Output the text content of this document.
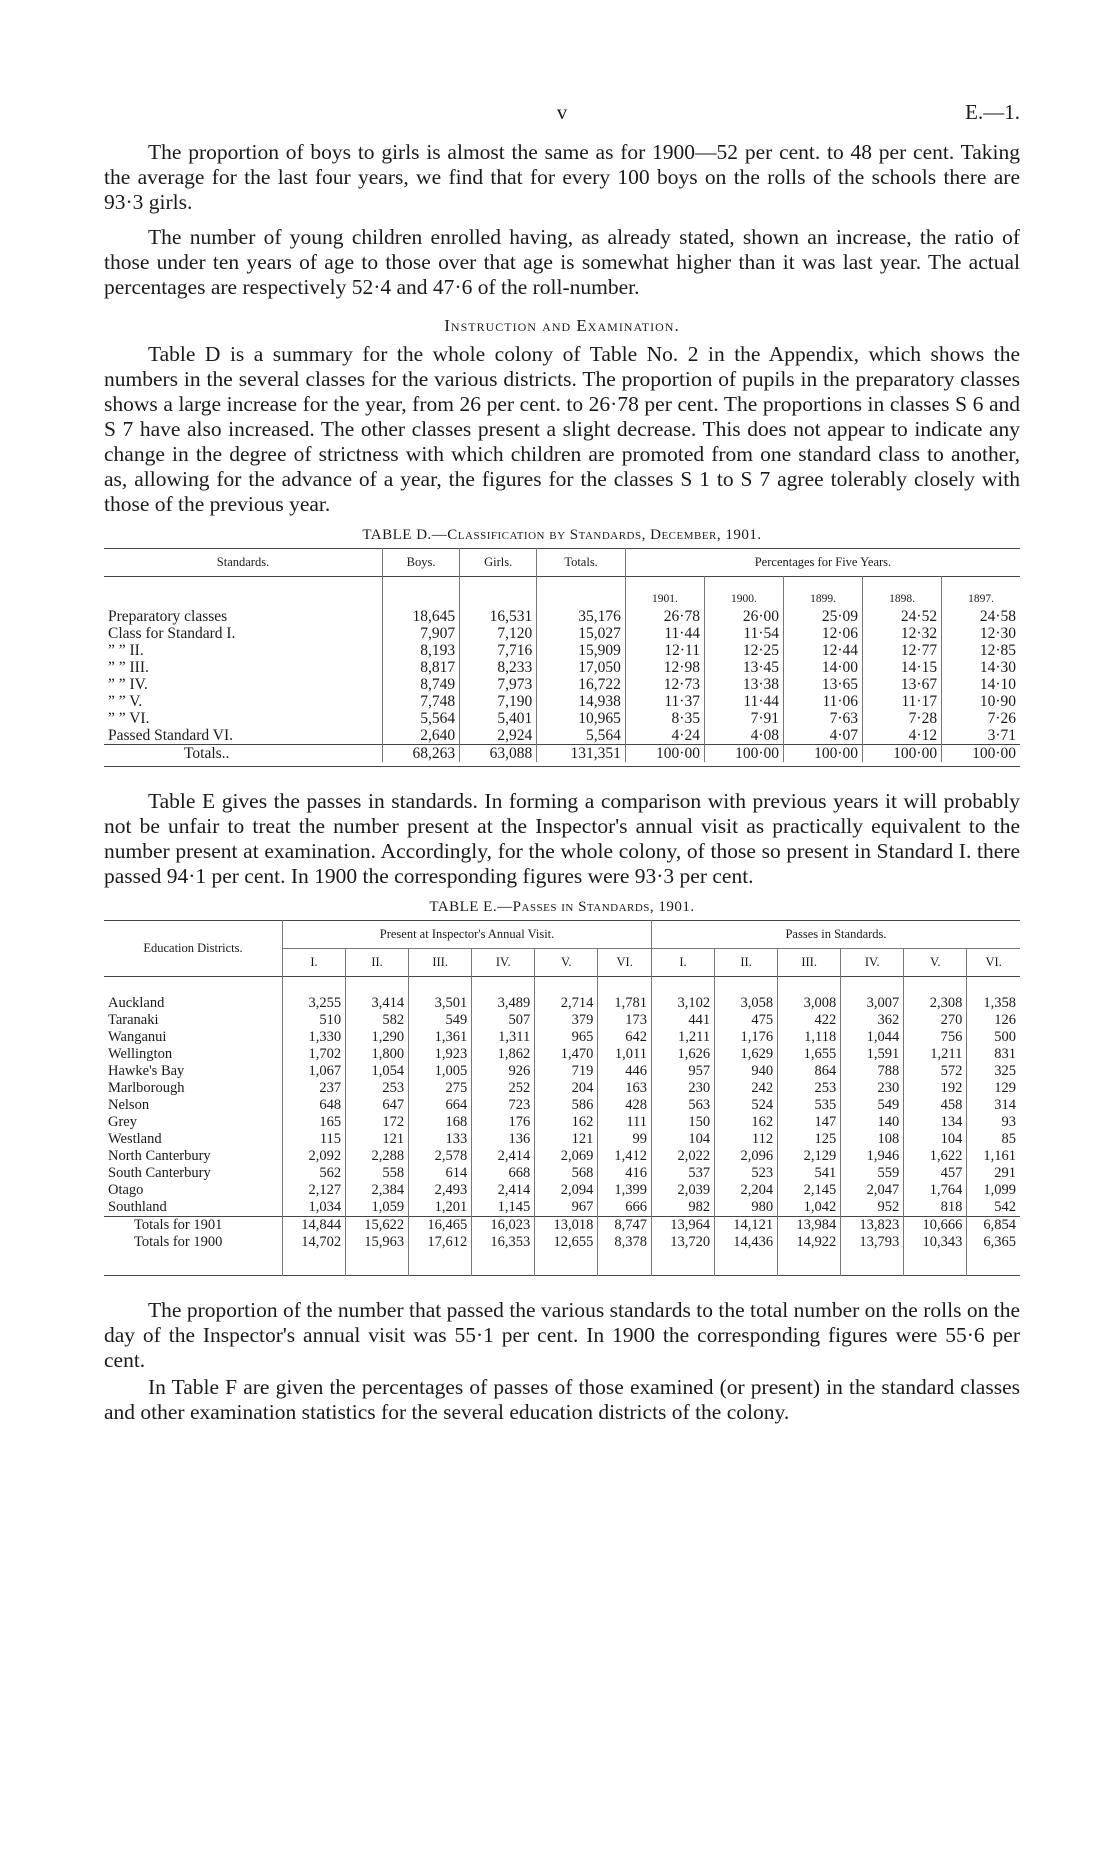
v	E.—1.

The proportion of boys to girls is almost the same as for 1900—52 per cent. to 48 per cent. Taking the average for the last four years, we find that for every 100 boys on the rolls of the schools there are 93·3 girls.

The number of young children enrolled having, as already stated, shown an increase, the ratio of those under ten years of age to those over that age is somewhat higher than it was last year. The actual percentages are respectively 52·4 and 47·6 of the roll-number.

Instruction and Examination.

Table D is a summary for the whole colony of Table No. 2 in the Appendix, which shows the numbers in the several classes for the various districts. The proportion of pupils in the preparatory classes shows a large increase for the year, from 26 per cent. to 26·78 per cent. The proportions in classes S 6 and S 7 have also increased. The other classes present a slight decrease. This does not appear to indicate any change in the degree of strictness with which children are promoted from one standard class to another, as, allowing for the advance of a year, the figures for the classes S 1 to S 7 agree tolerably closely with those of the previous year.

TABLE D.—Classification by Standards, December, 1901.
Standards.	Boys.	Girls.	Totals.	Percentages for Five Years.				
				1901.	1900.	1899.	1898.	1897.
Preparatory classes	18,645	16,531	35,176	26·78	26·00	25·09	24·52	24·58
Class for Standard I.	7,907	7,120	15,027	11·44	11·54	12·06	12·32	12·30
” ” II.	8,193	7,716	15,909	12·11	12·25	12·44	12·77	12·85
” ” III.	8,817	8,233	17,050	12·98	13·45	14·00	14·15	14·30
” ” IV.	8,749	7,973	16,722	12·73	13·38	13·65	13·67	14·10
” ” V.	7,748	7,190	14,938	11·37	11·44	11·06	11·17	10·90
” ” VI.	5,564	5,401	10,965	8·35	7·91	7·63	7·28	7·26
Passed Standard VI.	2,640	2,924	5,564	4·24	4·08	4·07	4·12	3·71
Totals..	68,263	63,088	131,351	100·00	100·00	100·00	100·00	100·00

Table E gives the passes in standards. In forming a comparison with previous years it will probably not be unfair to treat the number present at the Inspector's annual visit as practically equivalent to the number present at examination. Accordingly, for the whole colony, of those so present in Standard I. there passed 94·1 per cent. In 1900 the corresponding figures were 93·3 per cent.

TABLE E.—Passes in Standards, 1901.
Education Districts.	Present at Inspector's Annual Visit.						Passes in Standards.					
	I.	II.	III.	IV.	V.	VI.	I.	II.	III.	IV.	V.	VI.

Auckland	3,255	3,414	3,501	3,489	2,714	1,781	3,102	3,058	3,008	3,007	2,308	1,358
Taranaki	510	582	549	507	379	173	441	475	422	362	270	126
Wanganui	1,330	1,290	1,361	1,311	965	642	1,211	1,176	1,118	1,044	756	500
Wellington	1,702	1,800	1,923	1,862	1,470	1,011	1,626	1,629	1,655	1,591	1,211	831
Hawke's Bay	1,067	1,054	1,005	926	719	446	957	940	864	788	572	325
Marlborough	237	253	275	252	204	163	230	242	253	230	192	129
Nelson	648	647	664	723	586	428	563	524	535	549	458	314
Grey	165	172	168	176	162	111	150	162	147	140	134	93
Westland	115	121	133	136	121	99	104	112	125	108	104	85
North Canterbury	2,092	2,288	2,578	2,414	2,069	1,412	2,022	2,096	2,129	1,946	1,622	1,161
South Canterbury	562	558	614	668	568	416	537	523	541	559	457	291
Otago	2,127	2,384	2,493	2,414	2,094	1,399	2,039	2,204	2,145	2,047	1,764	1,099
Southland	1,034	1,059	1,201	1,145	967	666	982	980	1,042	952	818	542
Totals for 1901	14,844	15,622	16,465	16,023	13,018	8,747	13,964	14,121	13,984	13,823	10,666	6,854
Totals for 1900	14,702	15,963	17,612	16,353	12,655	8,378	13,720	14,436	14,922	13,793	10,343	6,365

The proportion of the number that passed the various standards to the total number on the rolls on the day of the Inspector's annual visit was 55·1 per cent. In 1900 the corresponding figures were 55·6 per cent.

In Table F are given the percentages of passes of those examined (or present) in the standard classes and other examination statistics for the several education districts of the colony.
